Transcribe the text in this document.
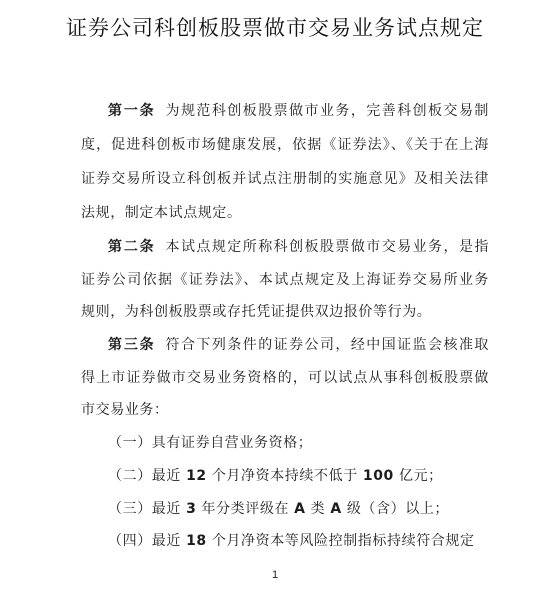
证券公司科创板股票做市交易业务试点规定
第一条 为规范科创板股票做市业务，完善科创板交易制
度，促进科创板市场健康发展，依据《证券法》、《关于在上海
证券交易所设立科创板并试点注册制的实施意见》及相关法律
法规，制定本试点规定。
第二条 本试点规定所称科创板股票做市交易业务，是指
证券公司依据《证券法》、本试点规定及上海证券交易所业务
规则，为科创板股票或存托凭证提供双边报价等行为。
第三条 符合下列条件的证券公司，经中国证监会核准取
得上市证券做市交易业务资格的，可以试点从事科创板股票做
市交易业务：
（一）具有证券自营业务资格；
（二）最近 12 个月净资本持续不低于 100 亿元；
（三）最近 3 年分类评级在 A 类 A 级（含）以上；
（四）最近 18 个月净资本等风险控制指标持续符合规定
1
